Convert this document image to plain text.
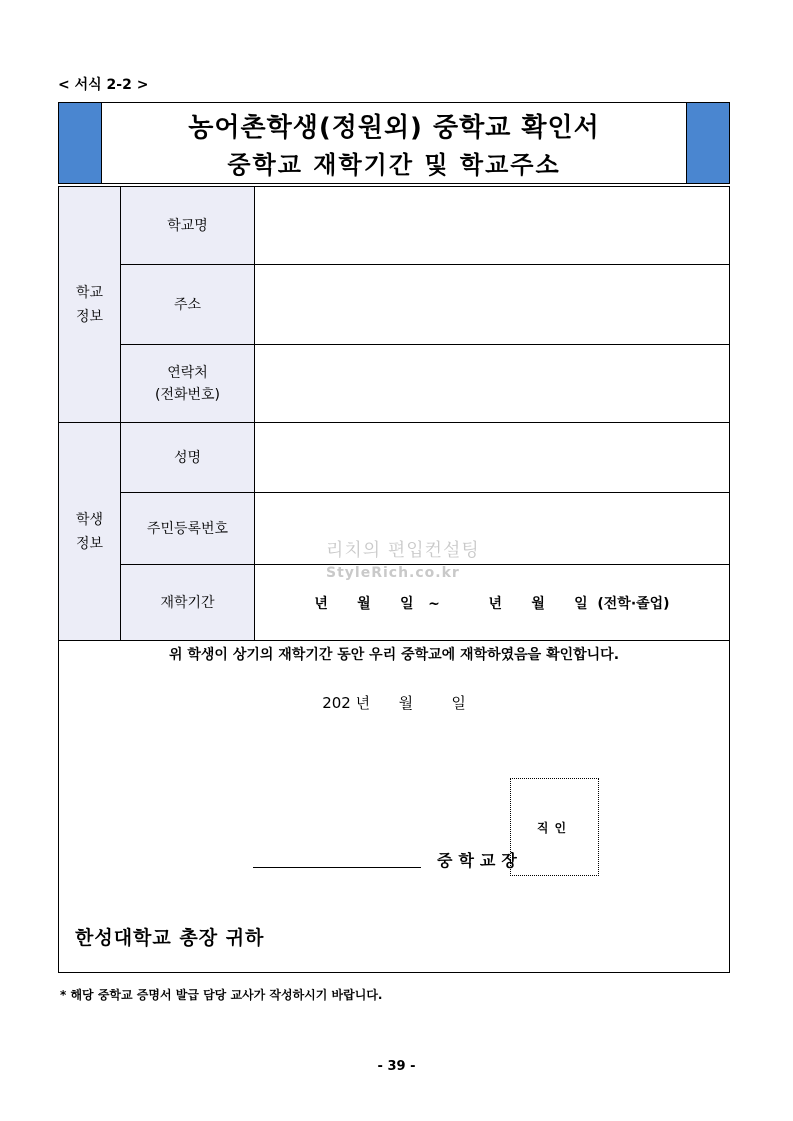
< 서식 2-2 >
농어촌학생(정원외) 중학교 확인서
중학교 재학기간 및 학교주소
학교
정보	학교명	
	주소	

	연락처
(전화번호)	

학생
정보	성명	
	주민등록번호	
	재학기간	년      월      일   ~          년      월      일  (전학·졸업)
리치의 편입컨설팅
StyleRich.co.kr
위 학생이 상기의 재학기간 동안 우리 중학교에 재학하였음을 확인합니다.
202 년      월        일
중학교장
직인
한성대학교 총장 귀하
* 해당 중학교 증명서 발급 담당 교사가 작성하시기 바랍니다.
- 39 -
